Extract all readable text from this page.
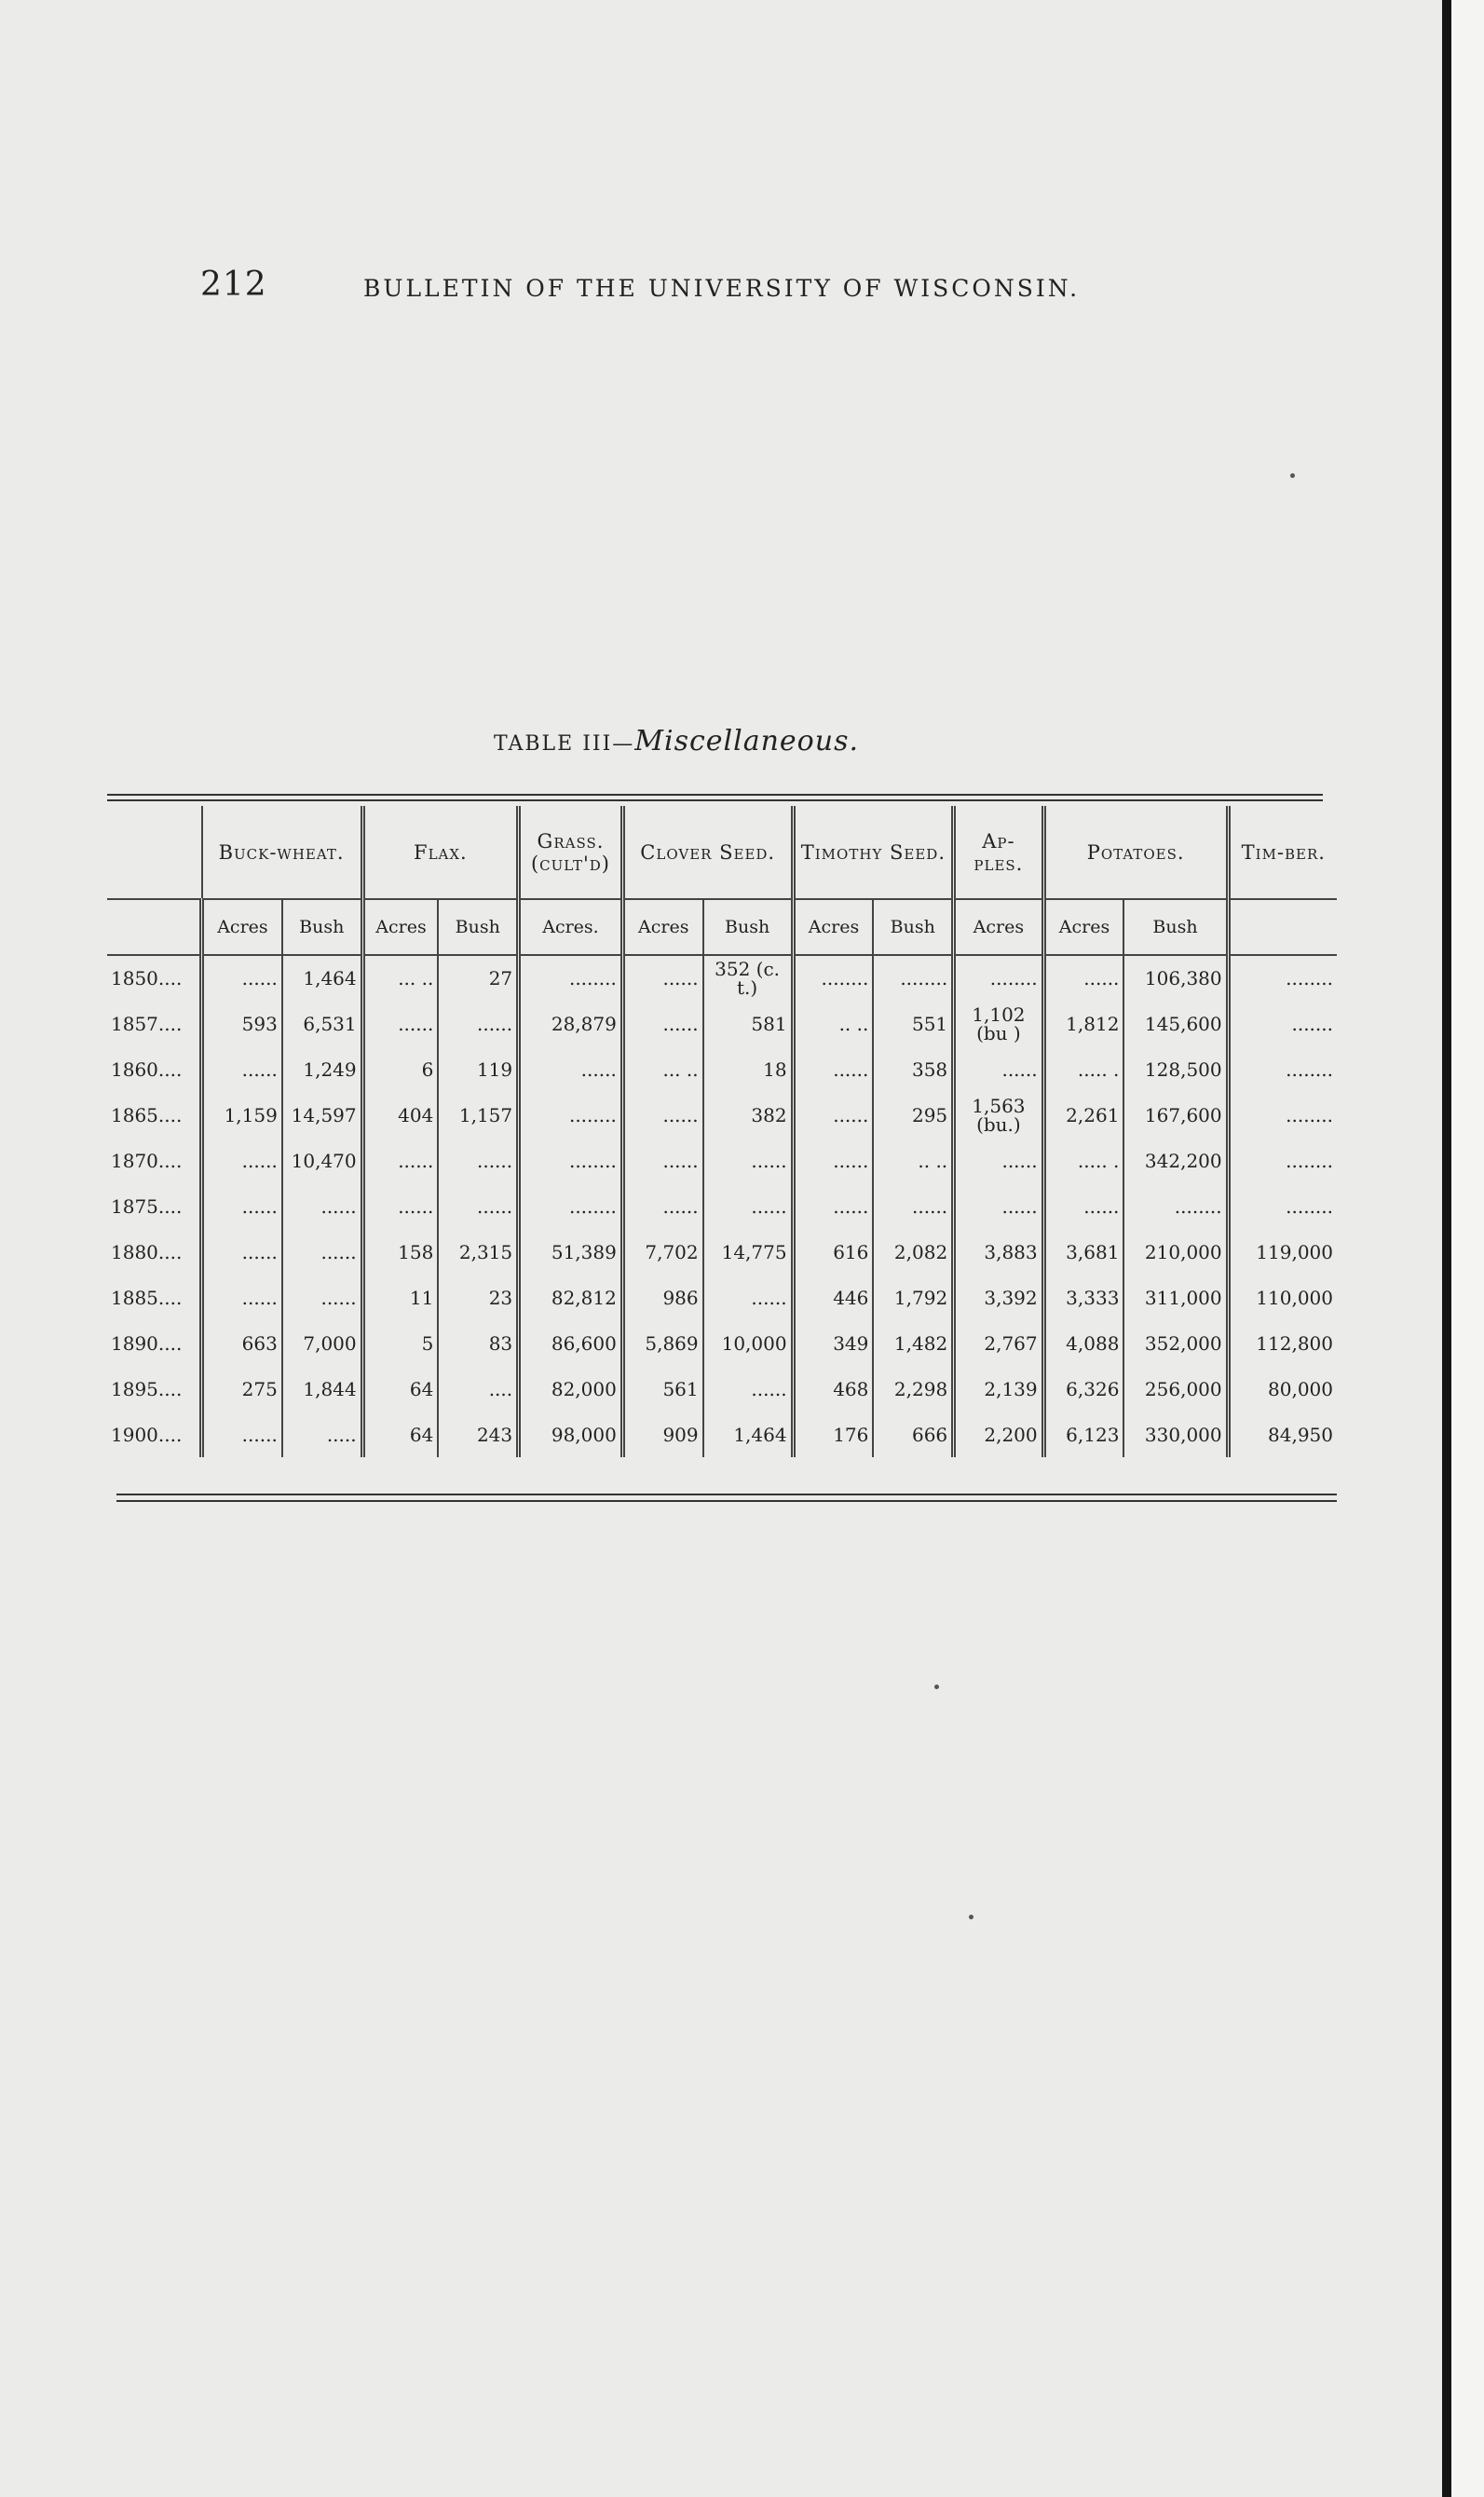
212	BULLETIN OF THE UNIVERSITY OF WISCONSIN.
TABLE III—Miscellaneous.
	Buck-wheat.		Flax.		Grass. (cult'd)	Clover Seed.		Timothy Seed.		Ap-ples.	Potatoes.		Tim-ber.
	Acres	Bush	Acres	Bush	Acres.	Acres	Bush	Acres	Bush	Acres	Acres	Bush	
1850....	......	1,464	... ..	27	........	......	352 (c. t.)	........	........	........	......	106,380	........
1857....	593	6,531	......	......	28,879	......	581	.. ..	551	1,102 (bu )	1,812	145,600	.......
1860....	......	1,249	6	119	......	... ..	18	......	358	......	..... .	128,500	........
1865....	1,159	14,597	404	1,157	........	......	382	......	295	1,563 (bu.)	2,261	167,600	........
1870....	......	10,470	......	......	........	......	......	......	.. ..	......	..... .	342,200	........
1875....	......	......	......	......	........	......	......	......	......	......	......	........	........
1880....	......	......	158	2,315	51,389	7,702	14,775	616	2,082	3,883	3,681	210,000	119,000
1885....	......	......	11	23	82,812	986	......	446	1,792	3,392	3,333	311,000	110,000
1890....	663	7,000	5	83	86,600	5,869	10,000	349	1,482	2,767	4,088	352,000	112,800
1895....	275	1,844	64	....	82,000	561	......	468	2,298	2,139	6,326	256,000	80,000
1900....	......	.....	64	243	98,000	909	1,464	176	666	2,200	6,123	330,000	84,950
